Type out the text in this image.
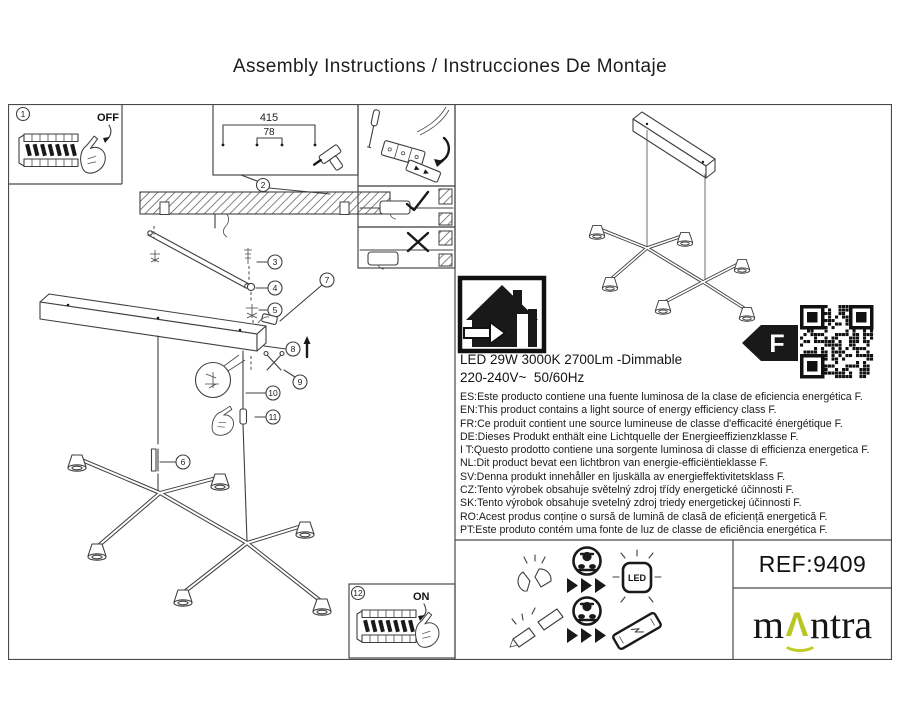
Assembly Instructions / Instrucciones De Montaje
1	OFF	415
78
2
3
4
5
7
8
9
10
11
6
12	ON
F
LED
LED 29W 3000K 2700Lm -Dimmable
220-240V~  50/60Hz
ES:Este producto contiene una fuente luminosa de la clase de eficiencia energética F.
EN:This product contains a light source of energy efficiency class F.
FR:Ce produit contient une source lumineuse de classe d'efficacité énergétique F.
DE:Dieses Produkt enthält eine Lichtquelle der Energieeffizienzklasse F.
I T:Questo prodotto contiene una sorgente luminosa di classe di efficienza energetica F.
NL:Dit product bevat een lichtbron van energie-efficiëntieklasse F.
SV:Denna produkt innehåller en ljuskälla av energieffektivitetsklass F.
CZ:Tento výrobek obsahuje světelný zdroj třídy energetické účinnosti F.
SK:Tento výrobok obsahuje svetelný zdroj triedy energetickej účinnosti F.
RO:Acest produs conține o sursă de lumină de clasă de eficiență energetică F.
PT:Este produto contém uma fonte de luz de classe de eficiência energética F.
REF:9409
m Λ ntra
